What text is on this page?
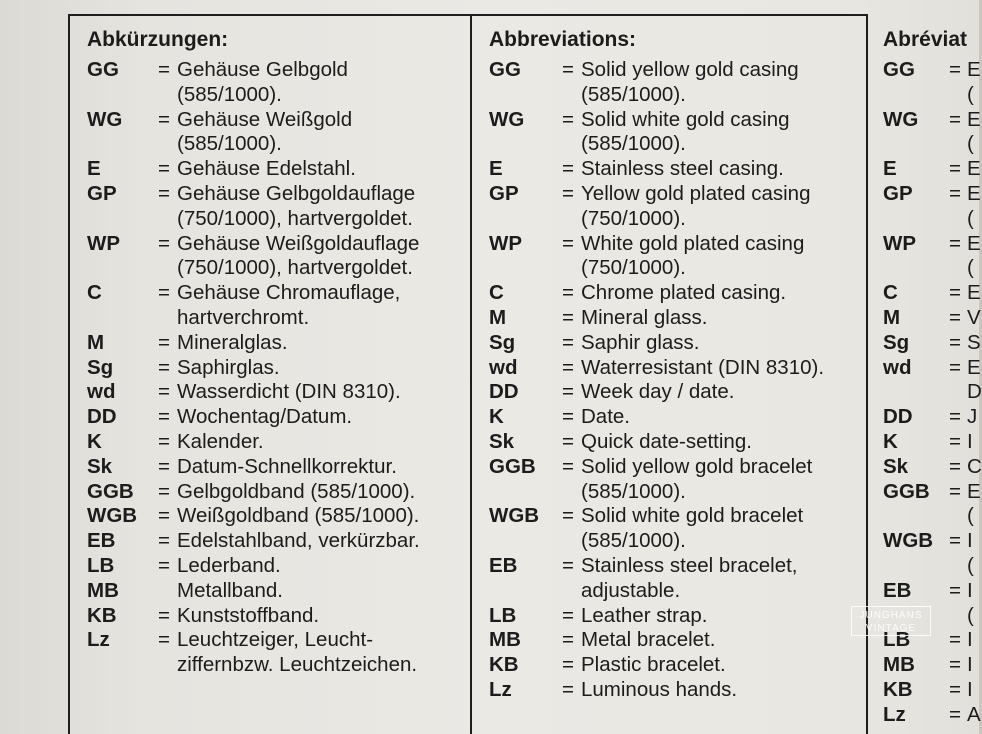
Abkürzungen:
GG	= Gehäuse Gelbgold
(585/1000).
WG	= Gehäuse Weißgold
(585/1000).
E	= Gehäuse Edelstahl.
GP	= Gehäuse Gelbgoldauflage
(750/1000), hartvergoldet.
WP	= Gehäuse Weißgoldauflage
(750/1000), hartvergoldet.
C	= Gehäuse Chromauflage,
hartverchromt.
M	= Mineralglas.
Sg	= Saphirglas.
wd	= Wasserdicht (DIN 8310).
DD	= Wochentag/Datum.
K	= Kalender.
Sk	= Datum-Schnellkorrektur.
GGB	= Gelbgoldband (585/1000).
WGB	= Weißgoldband (585/1000).
EB	= Edelstahlband, verkürzbar.
LB	= Lederband.
MB	Metallband.
KB	= Kunststoffband.
Lz	= Leuchtzeiger, Leucht-
ziffernbzw. Leuchtzeichen.
Abbreviations:
GG	= Solid yellow gold casing
(585/1000).
WG	= Solid white gold casing
(585/1000).
E	= Stainless steel casing.
GP	= Yellow gold plated casing
(750/1000).
WP	= White gold plated casing
(750/1000).
C	= Chrome plated casing.
M	= Mineral glass.
Sg	= Saphir glass.
wd	= Waterresistant (DIN 8310).
DD	= Week day / date.
K	= Date.
Sk	= Quick date-setting.
GGB	= Solid yellow gold bracelet
(585/1000).
WGB	= Solid white gold bracelet
(585/1000).
EB	= Stainless steel bracelet,
adjustable.
LB	= Leather strap.
MB	= Metal bracelet.
KB	= Plastic bracelet.
Lz	= Luminous hands.
Abréviat
GG	= E
(
WG	= E
(
E	= E
GP	= E
(
WP	= E
(
C	= E
M	= V
Sg	= S
wd	= E
D
DD	= J
K	= I
Sk	= C
GGB = E
(
WGB = I
(
EB	= I
(
LB	= I
MB	= I
KB	= I
Lz	= A
JUNGHANS
VINTAGE
